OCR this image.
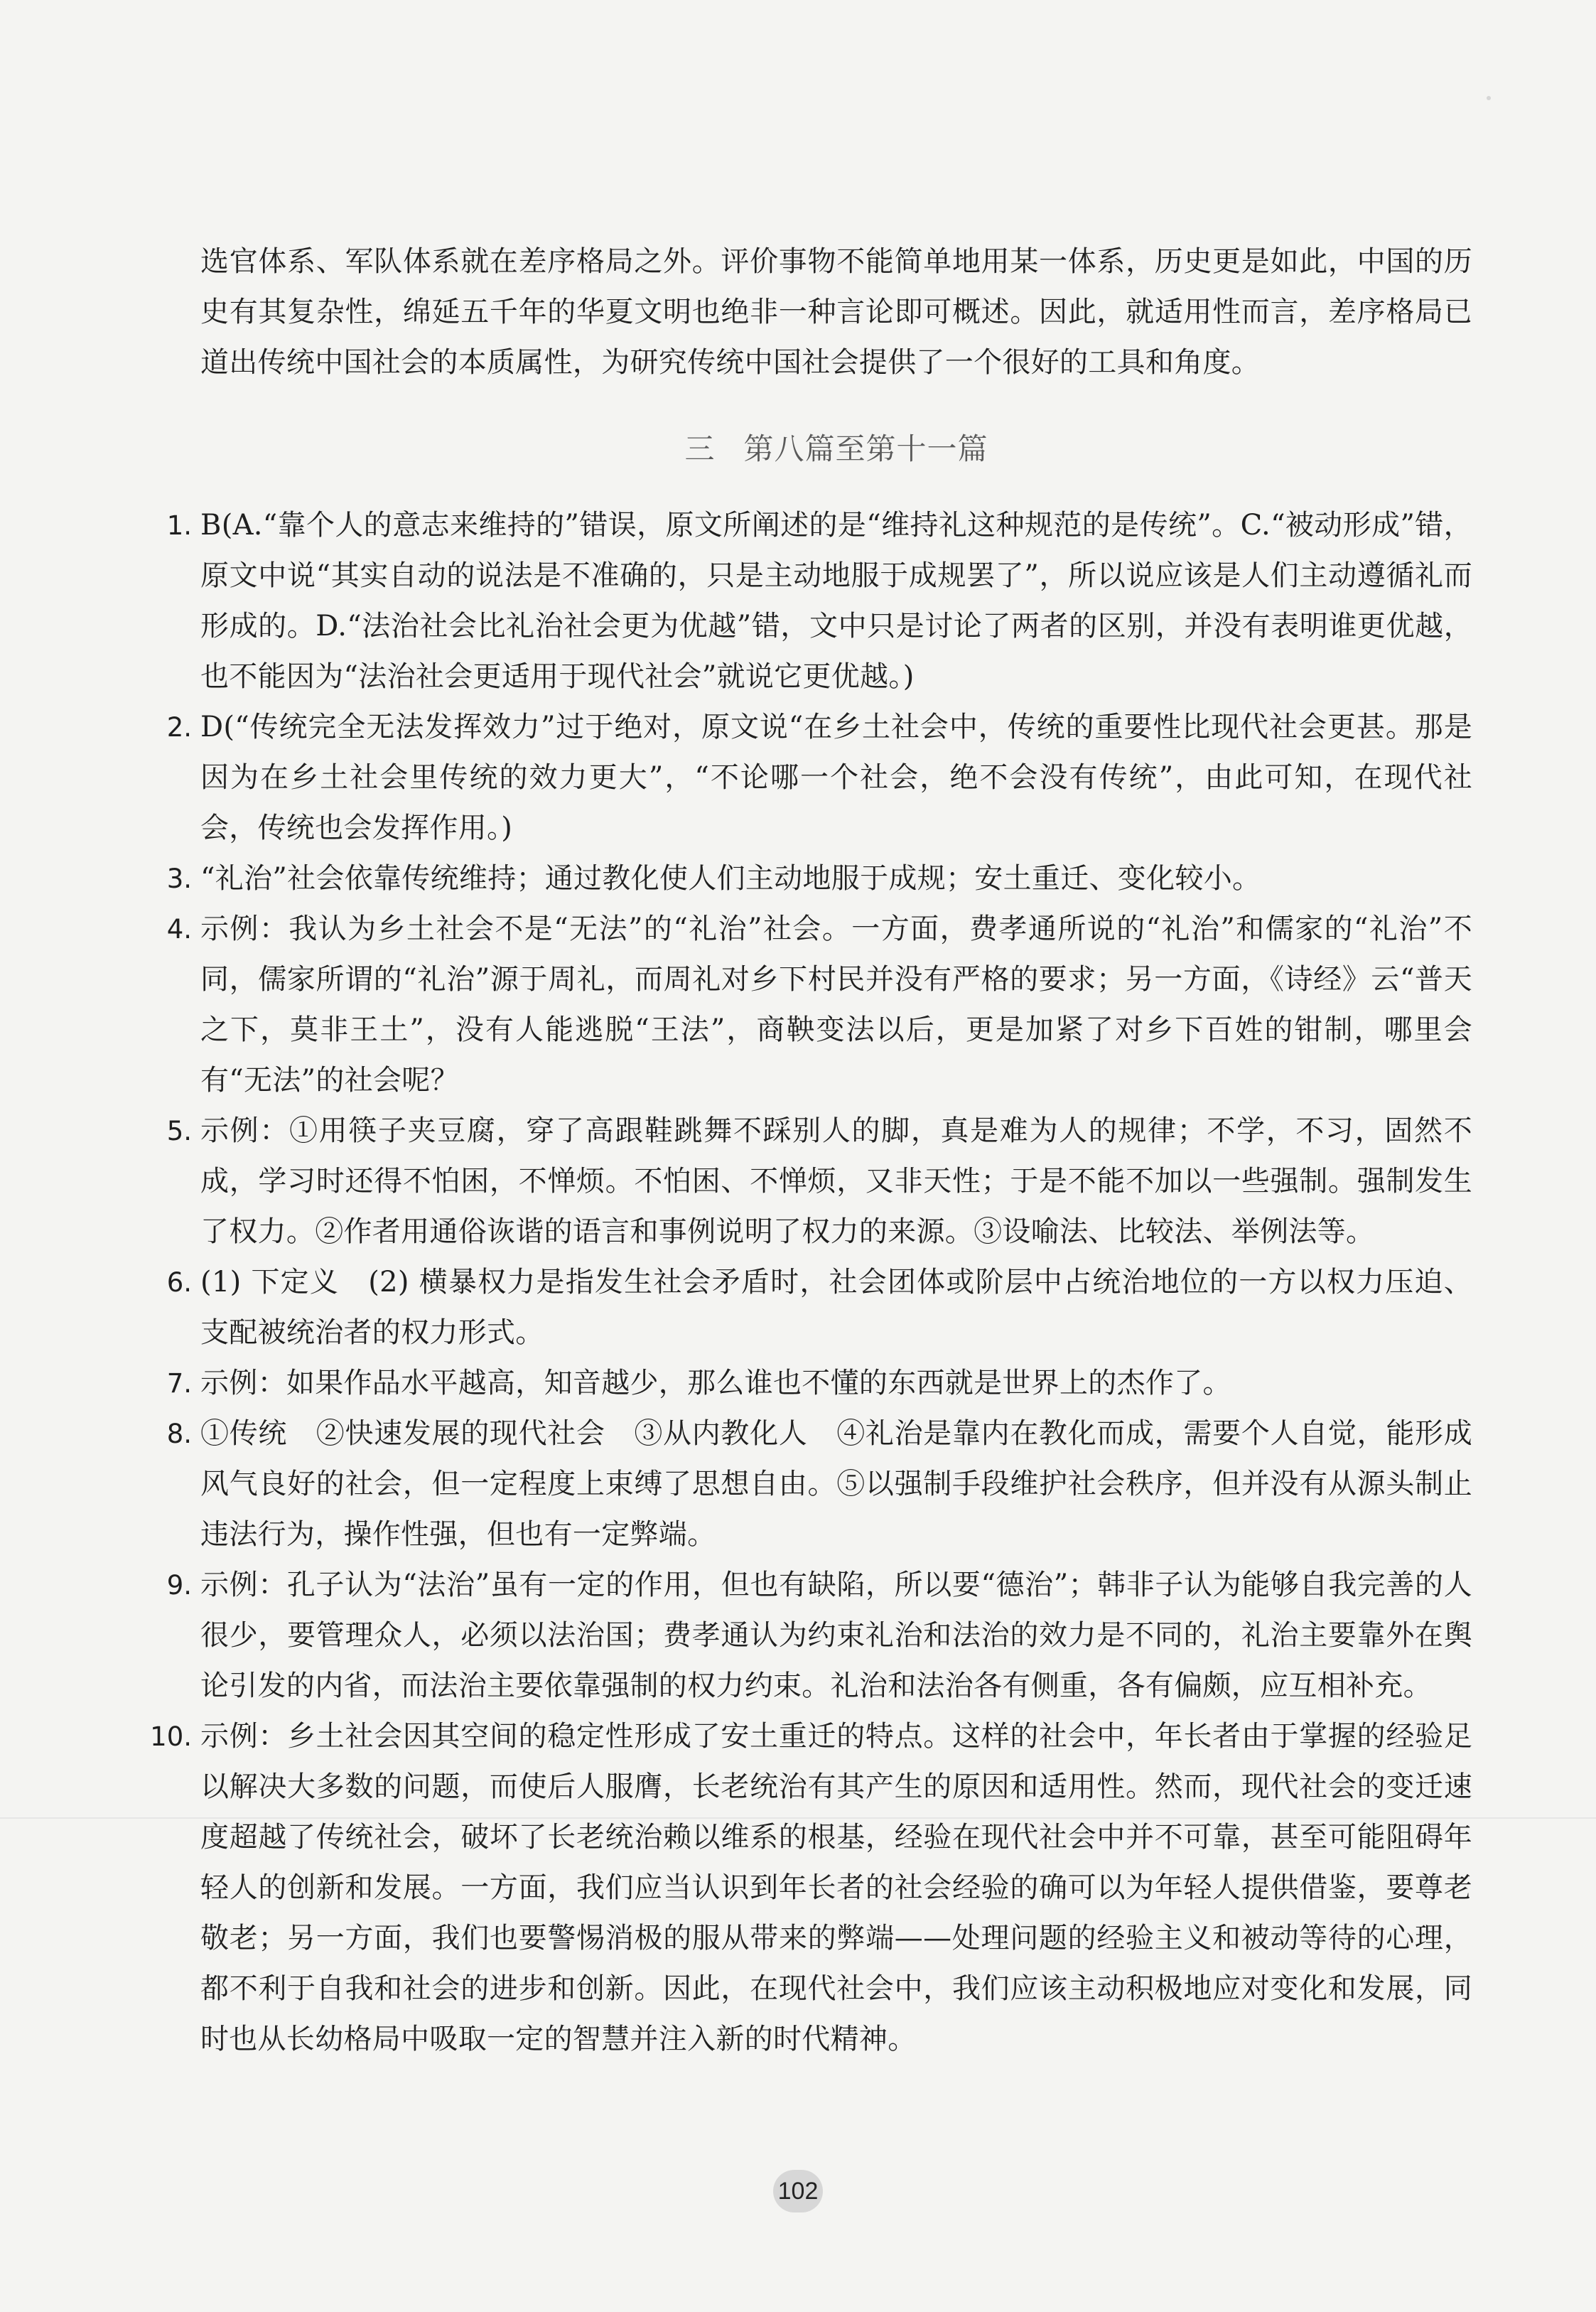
选官体系、军队体系就在差序格局之外。评价事物不能简单地用某一体系，历史更是如此，中国的历史有其复杂性，绵延五千年的华夏文明也绝非一种言论即可概述。因此，就适用性而言，差序格局已道出传统中国社会的本质属性，为研究传统中国社会提供了一个很好的工具和角度。

三 第八篇至第十一篇
1. B(A.“靠个人的意志来维持的”错误，原文所阐述的是“维持礼这种规范的是传统”。C.“被动形成”错，原文中说“其实自动的说法是不准确的，只是主动地服于成规罢了”，所以说应该是人们主动遵循礼而形成的。D.“法治社会比礼治社会更为优越”错，文中只是讨论了两者的区别，并没有表明谁更优越，也不能因为“法治社会更适用于现代社会”就说它更优越。)
2. D(“传统完全无法发挥效力”过于绝对，原文说“在乡土社会中，传统的重要性比现代社会更甚。那是因为在乡土社会里传统的效力更大”，“不论哪一个社会，绝不会没有传统”，由此可知，在现代社会，传统也会发挥作用。)
3. “礼治”社会依靠传统维持；通过教化使人们主动地服于成规；安土重迁、变化较小。
4. 示例：我认为乡土社会不是“无法”的“礼治”社会。一方面，费孝通所说的“礼治”和儒家的“礼治”不同，儒家所谓的“礼治”源于周礼，而周礼对乡下村民并没有严格的要求；另一方面，《诗经》云“普天之下，莫非王土”，没有人能逃脱“王法”，商鞅变法以后，更是加紧了对乡下百姓的钳制，哪里会有“无法”的社会呢？
5. 示例：①用筷子夹豆腐，穿了高跟鞋跳舞不踩别人的脚，真是难为人的规律；不学，不习，固然不成，学习时还得不怕困，不惮烦。不怕困、不惮烦，又非天性；于是不能不加以一些强制。强制发生了权力。②作者用通俗诙谐的语言和事例说明了权力的来源。③设喻法、比较法、举例法等。
6. (1) 下定义　(2) 横暴权力是指发生社会矛盾时，社会团体或阶层中占统治地位的一方以权力压迫、支配被统治者的权力形式。
7. 示例：如果作品水平越高，知音越少，那么谁也不懂的东西就是世界上的杰作了。
8. ①传统　②快速发展的现代社会　③从内教化人　④礼治是靠内在教化而成，需要个人自觉，能形成风气良好的社会，但一定程度上束缚了思想自由。⑤以强制手段维护社会秩序，但并没有从源头制止违法行为，操作性强，但也有一定弊端。
9. 示例：孔子认为“法治”虽有一定的作用，但也有缺陷，所以要“德治”；韩非子认为能够自我完善的人很少，要管理众人，必须以法治国；费孝通认为约束礼治和法治的效力是不同的，礼治主要靠外在舆论引发的内省，而法治主要依靠强制的权力约束。礼治和法治各有侧重，各有偏颇，应互相补充。
10. 示例：乡土社会因其空间的稳定性形成了安土重迁的特点。这样的社会中，年长者由于掌握的经验足以解决大多数的问题，而使后人服膺，长老统治有其产生的原因和适用性。然而，现代社会的变迁速度超越了传统社会，破坏了长老统治赖以维系的根基，经验在现代社会中并不可靠，甚至可能阻碍年轻人的创新和发展。一方面，我们应当认识到年长者的社会经验的确可以为年轻人提供借鉴，要尊老敬老；另一方面，我们也要警惕消极的服从带来的弊端——处理问题的经验主义和被动等待的心理，都不利于自我和社会的进步和创新。因此，在现代社会中，我们应该主动积极地应对变化和发展，同时也从长幼格局中吸取一定的智慧并注入新的时代精神。
102
